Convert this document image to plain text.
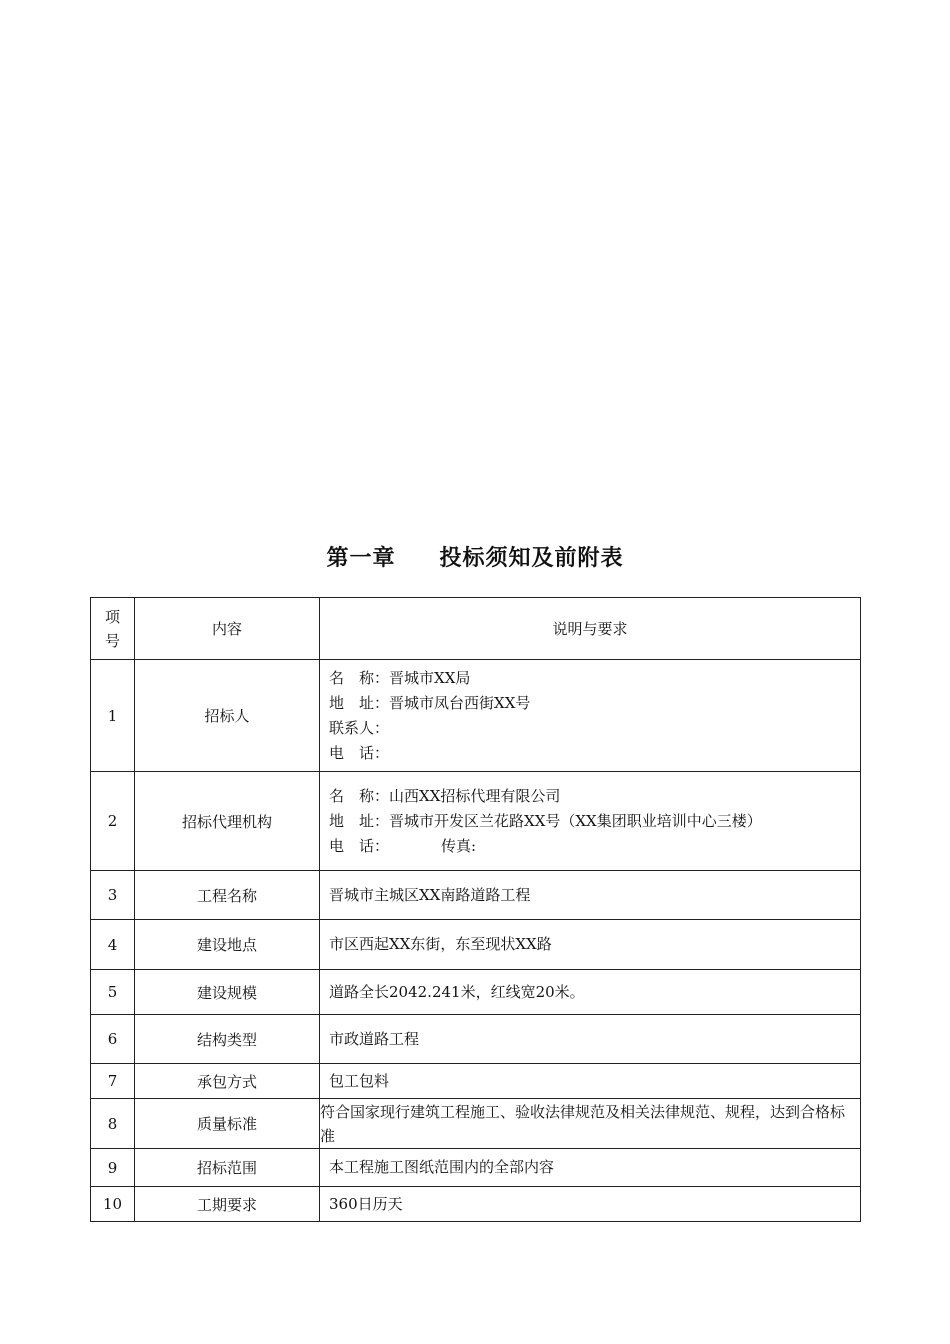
第一章 投标须知及前附表
项
号	内容	说明与要求
1	招标人	名　称：晋城市XX局
地　址：晋城市凤台西街XX号
联系人：
电　话：

2	招标代理机构	名　称：山西XX招标代理有限公司
地　址：晋城市开发区兰花路XX号（XX集团职业培训中心三楼）
电　话： 传真:

3	工程名称	晋城市主城区XX南路道路工程
4	建设地点	市区西起XX东街，东至现状XX路
5	建设规模	道路全长2042.241米，红线宽20米。
6	结构类型	市政道路工程
7	承包方式	包工包料
8	质量标准	符合国家现行建筑工程施工、验收法律规范及相关法律规范、规程，达到合格标准
9	招标范围	本工程施工图纸范围内的全部内容
10	工期要求	360日历天
